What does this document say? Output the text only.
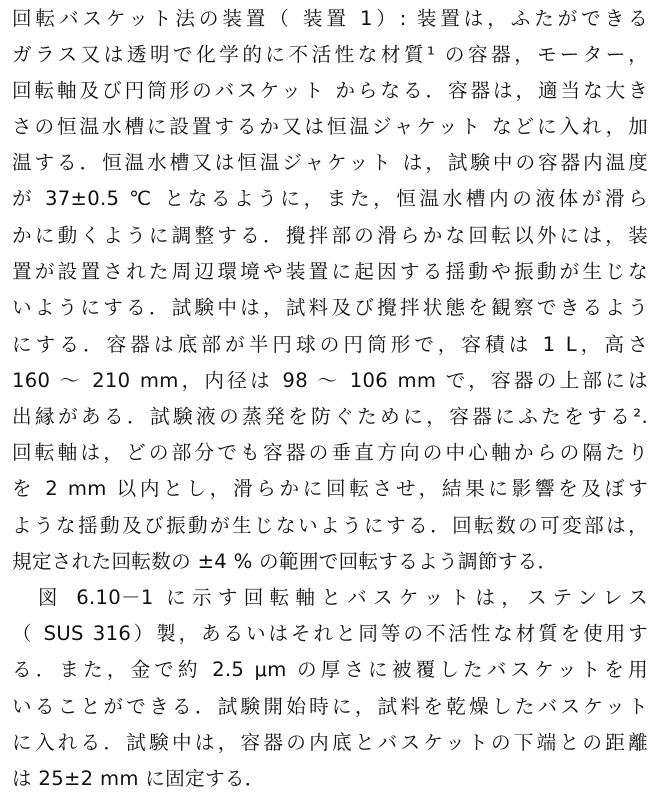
回転バスケット法の装置（ 装置 1）: 装置は，ふたができる
ガラス又は透明で化学的に不活性な材質¹ の容器，モーター，
回転軸及び円筒形のバスケット からなる．容器は，適当な大き
さの恒温水槽に設置するか又は恒温ジャケット などに入れ，加
温する．恒温水槽又は恒温ジャケット は，試験中の容器内温度
が 37±0.5 ℃ となるように，また，恒温水槽内の液体が滑ら
かに動くように調整する．攪拌部の滑らかな回転以外には，装
置が設置された周辺環境や装置に起因する揺動や振動が生じな
いようにする．試験中は，試料及び攪拌状態を観察できるよう
にする．容器は底部が半円球の円筒形で，容積は 1 L，高さ
160 ～ 210 mm，内径は 98 ～ 106 mm で，容器の上部には
出縁がある．試験液の蒸発を防ぐために，容器にふたをする².
回転軸は，どの部分でも容器の垂直方向の中心軸からの隔たり
を 2 mm 以内とし，滑らかに回転させ，結果に影響を及ぼす
ような揺動及び振動が生じないようにする．回転数の可変部は，
規定された回転数の ±4 % の範囲で回転するよう調節する．
　図 6.10－1 に示す回転軸とバスケットは，ステンレス
（ SUS 316）製，あるいはそれと同等の不活性な材質を使用す
る．また，金で約 2.5 μm の厚さに被覆したバスケットを用
いることができる．試験開始時に，試料を乾燥したバスケット
に入れる．試験中は，容器の内底とバスケットの下端との距離
は 25±2 mm に固定する．
